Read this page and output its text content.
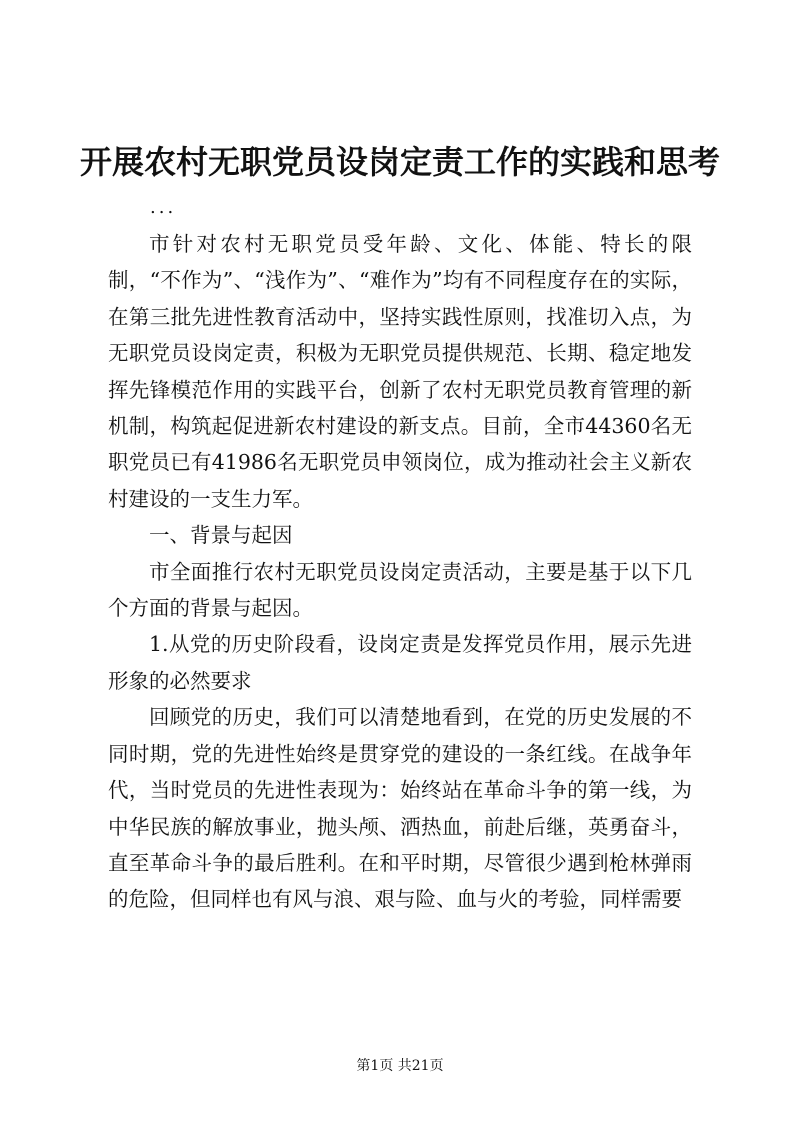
开展农村无职党员设岗定责工作的实践和思考
...

市针对农村无职党员受年龄、文化、体能、特长的限制，“不作为”、“浅作为”、“难作为”均有不同程度存在的实际，在第三批先进性教育活动中，坚持实践性原则，找准切入点，为无职党员设岗定责，积极为无职党员提供规范、长期、稳定地发挥先锋模范作用的实践平台，创新了农村无职党员教育管理的新机制，构筑起促进新农村建设的新支点。目前，全市44360名无职党员已有41986名无职党员申领岗位，成为推动社会主义新农村建设的一支生力军。

一、背景与起因

市全面推行农村无职党员设岗定责活动，主要是基于以下几个方面的背景与起因。

1.从党的历史阶段看，设岗定责是发挥党员作用，展示先进形象的必然要求

回顾党的历史，我们可以清楚地看到，在党的历史发展的不同时期，党的先进性始终是贯穿党的建设的一条红线。在战争年代，当时党员的先进性表现为：始终站在革命斗争的第一线，为中华民族的解放事业，抛头颅、洒热血，前赴后继，英勇奋斗，直至革命斗争的最后胜利。在和平时期，尽管很少遇到枪林弹雨的危险，但同样也有风与浪、艰与险、血与火的考验，同样需要

第1页 共21页
